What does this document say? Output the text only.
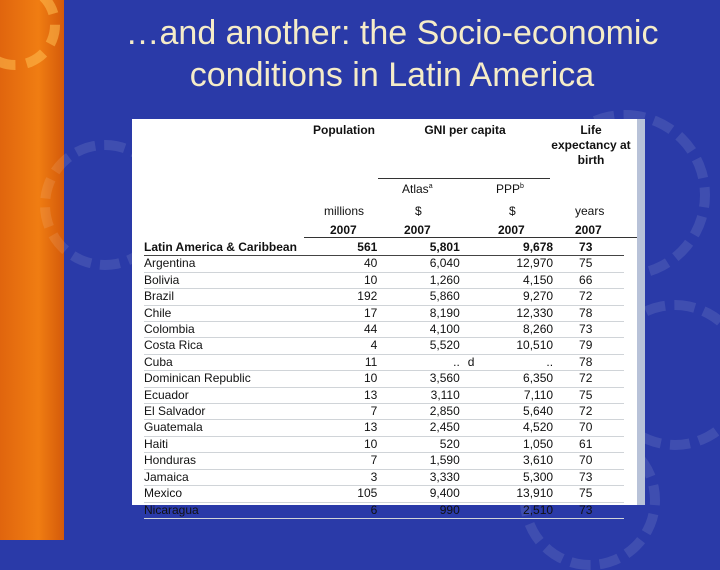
…and another: the Socio-economic
conditions in Latin America
Population	GNI per capita	Life expectancy at birth
Atlas$^a$	PPP$^b$
millions	$	$	years
2007	2007	2007	2007
Latin America & Caribbean	561	5,801		9,678	73
Argentina	40	6,040		12,970	75
Bolivia	10	1,260		4,150	66
Brazil	192	5,860		9,270	72
Chile	17	8,190		12,330	78
Colombia	44	4,100		8,260	73
Costa Rica	4	5,520		10,510	79
Cuba	11	..	d	..	78
Dominican Republic	10	3,560		6,350	72
Ecuador	13	3,110		7,110	75
El Salvador	7	2,850		5,640	72
Guatemala	13	2,450		4,520	70
Haiti	10	520		1,050	61
Honduras	7	1,590		3,610	70
Jamaica	3	3,330		5,300	73
Mexico	105	9,400		13,910	75
Nicaragua	6	990		2,510	73
